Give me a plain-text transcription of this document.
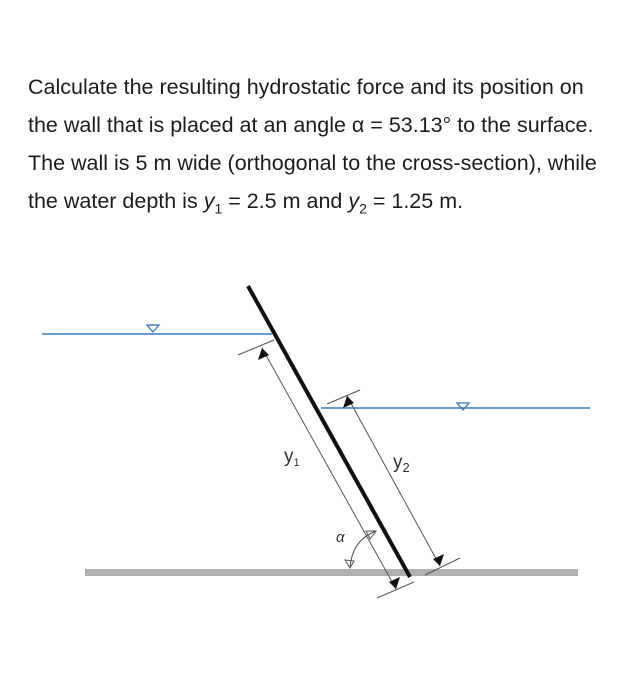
Calculate the resulting hydrostatic force and its position on the wall that is placed at an angle α = 53.13° to the surface. The wall is 5 m wide (orthogonal to the cross-section), while the water depth is $y_1 = 2.5$ m and $y_2 = 1.25$ m.

$y_1$	$y_2$
α
